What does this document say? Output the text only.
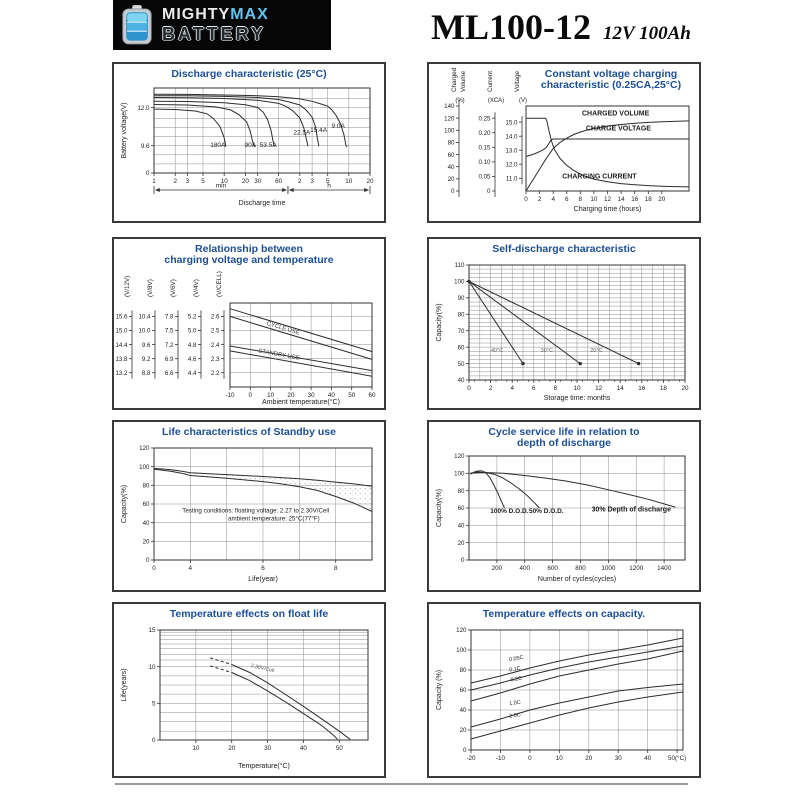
MIGHTYMAX
BATTERY	ML100-12 12V 100Ah
Discharge characteristic (25°C)
1	2 3 5	10 20 30 60	2 3 5	10 20
12.0
9.6
0
Battery voltage(V)
Discharge time
min	h
180A	90A 53.5A
22.5A 15.4A
9.0A
Constant voltage charging
characteristic (0.25CA,25°C)
0 2 4 6 8 10 12 14 16 18 20
0
20
40
60
80
100
120
140
Charged Volume
(%)
0
0.05
0.10
0.15
0.20
0.25
Current
(XCA)
11.0
12.0
13.0
14.0
15.0
Voltage
(V)
Charging time (hours)
CHARGED VOLUME
CHARGE VOLTAGE
CHARGING CURRENT
Relationship between
charging voltage and temperature
-10 0 10 20 30 40 50 60
15.6
15.0
14.4
13.8
13.2
(V/12V)
10.4
10.0
9.6
9.2
8.8
(V/8V)
7.8
7.5
7.2
6.9
6.6
(V/6V)
5.2
5.0
4.8
4.6
4.4
(V/4V)
2.6
2.5
2.4
2.3
2.2
(V/CELL)
Ambient temperature(°C)
CYCLE USE
STANDBY USE
Self-discharge characteristic
0	2	4	6	8	10 12 14 16 18 20
40
50
60
70
80
90
100
110
Capacity(%)
Storage time: months
40°C	30°C	20°C
Life characteristics of Standby use
0	4	6	8
0
20
40
60
80
100
120
Capacity(%)
Life(year)
Testing conditions: floating voltage: 2.27 to 2.30V/Cell
ambient temperature: 25°C(77°F)
Cycle service life in relation to
depth of discharge
200	400	600	800 1000 1200 1400
0
20
40
60
80
100
120
Capacity(%)
Number of cycles(cycles)
100% D.O.D. 50% D.O.D.	30% Depth of discharge
Temperature effects on float life
10	20	30	40	50
0
5
10
15
Life(years)
Temperature(°C)
2.30V/Cell
Temperature effects on capacity.
-20	-10	0	10	20	30	40	50(°C)
0
20
40
60
80
100
120
Capacity (%)
0.05C
0.1C
0.2C
1.0C
2.0C
